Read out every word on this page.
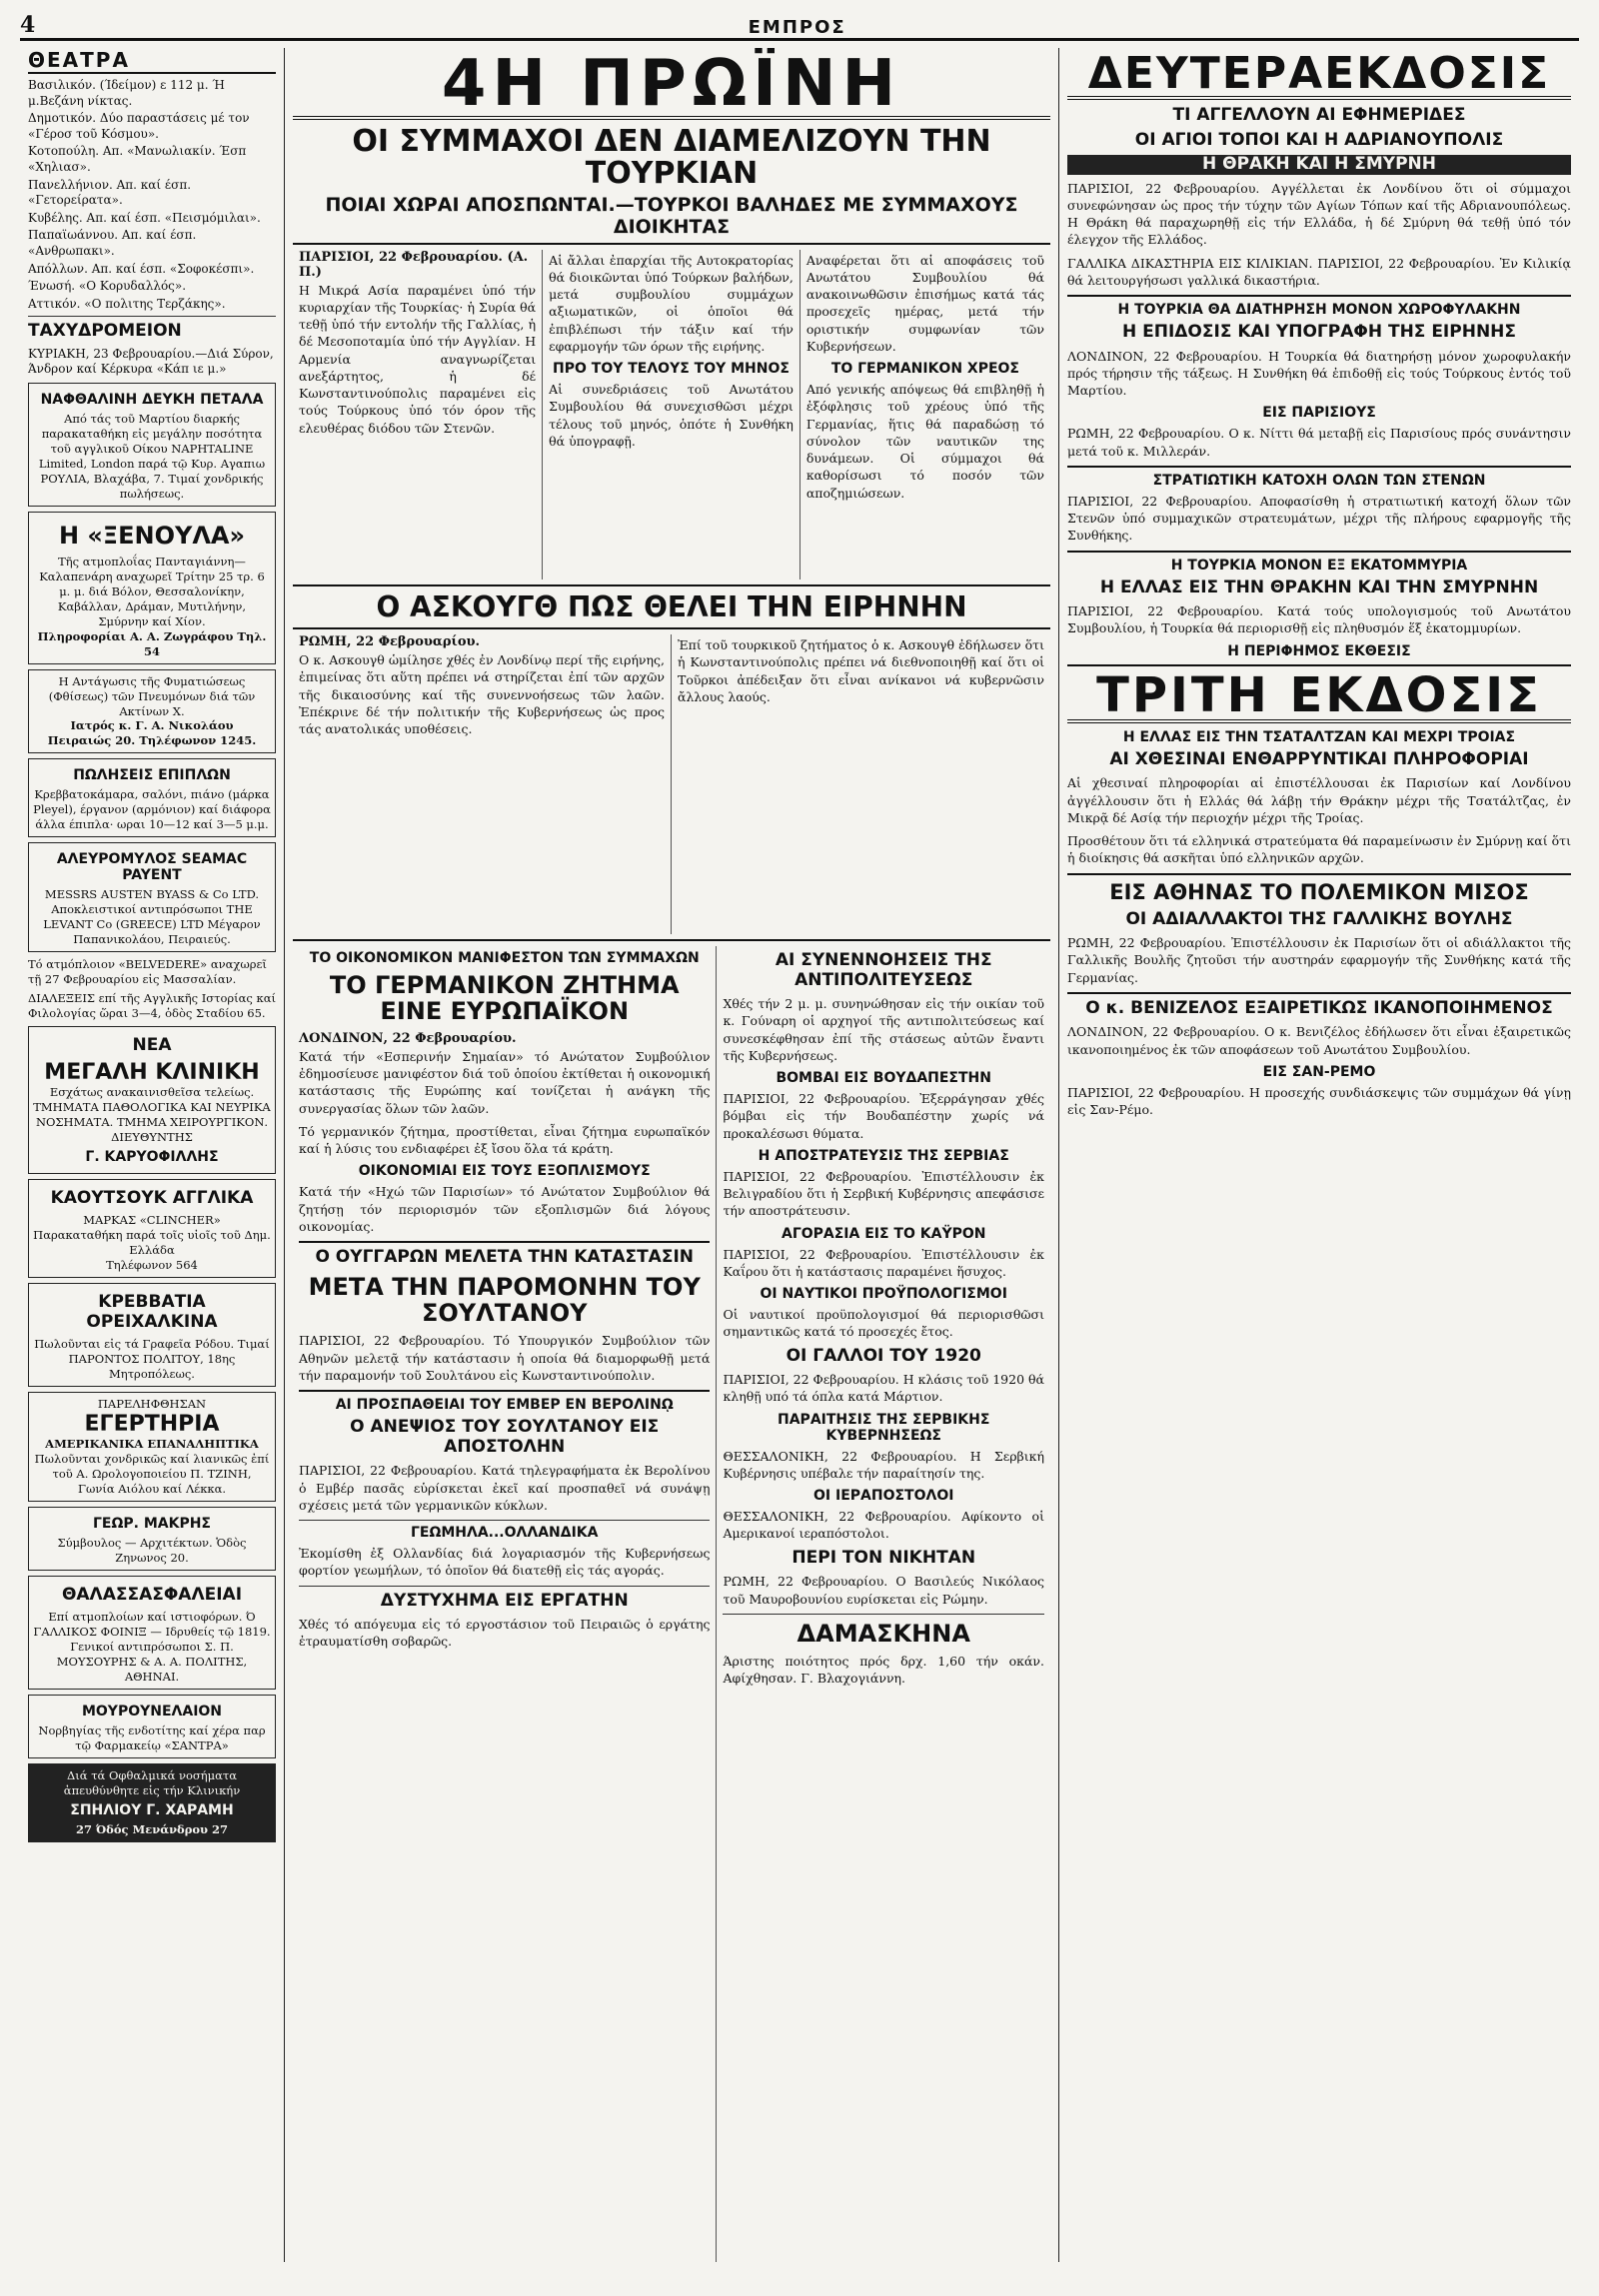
4	ΕΜΠΡΟΣ
ΘΕΑΤΡΑ
Βασιλικόν. (Ίδείμον) ε 112 μ. Ή μ.Βεζάνη νίκτας.
Δημοτικόν. Δύο παραστάσεις μέ τον «Γέροσ τοῦ Κόσμου».
Κοτοπούλη. Απ. «Μανωλιακίν. Έσπ «Χηλιασ».
Πανελλήνιον. Απ. καί έσπ. «Γετορείρατα».
Κυβέλης. Απ. καί έσπ. «Πεισμόμιλαι».
Παπαϊωάννου. Απ. καί έσπ. «Ανθρωπακι».
Απόλλων. Απ. καί έσπ. «Σοφοκέσπι».
Ένωσή. «Ο Κορυδαλλός».
Αττικόν. «Ο πολιτης Τερζάκης».
ΤΑΧΥΔΡΟΜΕΙΟΝ
ΚΥΡΙΑΚΗ, 23 Φεβρουαρίου.—Διά Σύρον, Άνδρον καί Κέρκυρα «Κάπ ιε μ.»
ΝΑΦΘΑΛΙΝΗ ΔΕΥΚΗ ΠΕΤΑΛΑ
Από τάς τοῦ Μαρτίου διαρκής παρακαταθήκη εἰς μεγάλην ποσότητα τοῦ αγγλικοῦ Οίκου NAPHTALINE Limited, London παρά τῷ Κυρ. Αγαπιω ΡΟΥΛΙΑ, Βλαχάβα, 7. Τιμαί χονδρικής πωλήσεως.
Η «ΞΕΝΟΥΛΑ»
Τῆς ατμοπλοΐας Πανταγιάννη—Καλαπενάρη αναχωρεῖ Τρίτην 25 τρ. 6 μ. μ. διά Βόλον, Θεσσαλονίκην, Καβάλλαν, Δράμαν, Μυτιλήνην, Σμύρνην καί Χίον.
Πληροφορίαι Α. Α. Ζωγράφου Τηλ. 54
Η Αντάγωσις τῆς Φυματιώσεως (Φθίσεως) τῶν Πνευμόνων διά τῶν Ακτίνων Χ.
Ιατρός κ. Γ. Α. Νικολάου
Πειραιώς 20. Τηλέφωνον 1245.
ΠΩΛΗΣΕΙΣ ΕΠΙΠΛΩΝ
Κρεββατοκάμαρα, σαλόνι, πιάνο (μάρκα Pleyel), έργανον (αρμόνιον) καί διάφορα άλλα έπιπλα· ωραι 10—12 καί 3—5 μ.μ.
ΑΛΕΥΡΟΜΥΛΟΣ SEAMAC PAYENT
MESSRS AUSTEN BYASS & Co LTD. Αποκλειστικοί αντιπρόσωποι THE LEVANT Co (GREECE) LTD Μέγαρον Παπανικολάου, Πειραιεύς.
Τό ατμόπλοιον «BELVEDERE» αναχωρεῖ τῇ 27 Φεβρουαρίου εἰς Μασσαλίαν.
ΔΙΑΛΕΞΕΙΣ επί τῆς Αγγλικῆς Ιστορίας καί Φιλολογίας ὥραι 3—4, ὁδὸς Σταδίου 65.
ΝΕΑ
ΜΕΓΑΛΗ ΚΛΙΝΙΚΗ
Εσχάτως ανακαινισθεῖσα τελείως. ΤΜΗΜΑΤΑ ΠΑΘΟΛΟΓΙΚΑ ΚΑΙ ΝΕΥΡΙΚΑ ΝΟΣΗΜΑΤΑ. ΤΜΗΜΑ ΧΕΙΡΟΥΡΓΙΚΟΝ.
ΔΙΕΥΘΥΝΤΗΣ
Γ. ΚΑΡΥΟΦΙΛΛΗΣ
ΚΑΟΥΤΣΟΥΚ ΑΓΓΛΙΚΑ
ΜΑΡΚΑΣ «CLINCHER»
Παρακαταθήκη παρά τοῖς υἱοῖς τοῦ Δημ. Ελλάδα
Τηλέφωνον 564
ΚΡΕΒΒΑΤΙΑ ΟΡΕΙΧΑΛΚΙΝΑ
Πωλοῦνται εἰς τά Γραφεῖα Ρόδου. Τιμαί ΠΑΡΟΝΤΟΣ ΠΟΛΙΤΟΥ, 18ης Μητροπόλεως.
ΠΑΡΕΛΗΦΘΗΣΑΝ
ΕΓΕΡΤΗΡΙΑ
ΑΜΕΡΙΚΑΝΙΚΑ ΕΠΑΝΑΛΗΠΤΙΚΑ
Πωλοῦνται χονδρικῶς καί λιανικῶς ἐπί τοῦ Α. Ωρολογοποιείου Π. ΤΖΙΝΗ, Γωνία Αιόλου καί Λέκκα.
ΓΕΩΡ. ΜΑΚΡΗΣ
Σύμβουλος — Αρχιτέκτων. Ὁδὸς Ζηνωνος 20.
ΘΑΛΑΣΣΑΣΦΑΛΕΙΑΙ
Επί ατμοπλοίων καί ιστιοφόρων. Ό ΓΑΛΛΙΚΟΣ ΦΟΙΝΙΞ — Ιδρυθείς τῷ 1819. Γενικοί αντιπρόσωποι Σ. Π. ΜΟΥΣΟΥΡΗΣ & Α. Α. ΠΟΛΙΤΗΣ, ΑΘΗΝΑΙ.
ΜΟΥΡΟΥΝΕΛΑΙΟΝ
Νορβηγίας τῆς ενδοτίτης καί χέρα παρ τῷ Φαρμακείῳ «ΣΑΝΤΡΑ»
Διά τά Οφθαλμικά νοσήματα
ἀπευθύνθητε εἰς τήν Κλινικήν
ΣΠΗΛΙΟΥ Γ. ΧΑΡΑΜΗ
27 Όδός Μενάνδρου 27
4Η ΠΡΩΪΝΗ
ΟΙ ΣΥΜΜΑΧΟΙ ΔΕΝ ΔΙΑΜΕΛΙΖΟΥΝ ΤΗΝ ΤΟΥΡΚΙΑΝ
ΠΟΙΑΙ ΧΩΡΑΙ ΑΠΟΣΠΩΝΤΑΙ.—ΤΟΥΡΚΟΙ ΒΑΛΗΔΕΣ ΜΕ ΣΥΜΜΑΧΟΥΣ ΔΙΟΙΚΗΤΑΣ
ΠΑΡΙΣΙΟΙ, 22 Φεβρουαρίου. (Α. Π.)
Η Μικρά Ασία παραμένει ὑπό τήν κυριαρχίαν τῆς Τουρκίας· ἡ Συρία θά τεθῇ ὑπό τήν εντολήν τῆς Γαλλίας, ἡ δέ Μεσοποταμία ὑπό τήν Αγγλίαν. Η Αρμενία αναγνωρίζεται ανεξάρτητος, ἡ δέ Κωνσταντινούπολις παραμένει εἰς τούς Τούρκους ὑπό τόν όρον τῆς ελευθέρας διόδου τῶν Στενῶν.
Αἱ ἄλλαι ἐπαρχίαι τῆς Αυτοκρατορίας θά διοικῶνται ὑπό Τούρκων βαλήδων, μετά συμβουλίου συμμάχων αξιωματικῶν, οἱ ὁποῖοι θά ἐπιβλέπωσι τήν τάξιν καί τήν εφαρμογήν τῶν όρων τῆς ειρήνης.
ΠΡΟ ΤΟΥ ΤΕΛΟΥΣ ΤΟΥ ΜΗΝΟΣ
Αἱ συνεδριάσεις τοῦ Ανωτάτου Συμβουλίου θά συνεχισθῶσι μέχρι τέλους τοῦ μηνός, ὁπότε ἡ Συνθήκη θά ὑπογραφῇ.
Αναφέρεται ὅτι αἱ αποφάσεις τοῦ Ανωτάτου Συμβουλίου θά ανακοινωθῶσιν ἐπισήμως κατά τάς προσεχεῖς ημέρας, μετά τήν οριστικήν συμφωνίαν τῶν Κυβερνήσεων.
ΤΟ ΓΕΡΜΑΝΙΚΟΝ ΧΡΕΟΣ
Από γενικής απόψεως θά επιβληθῇ ἡ ἐξόφλησις τοῦ χρέους ὑπό τῆς Γερμανίας, ἥτις θά παραδώσῃ τό σύνολον τῶν ναυτικῶν της δυνάμεων. Οἱ σύμμαχοι θά καθορίσωσι τό ποσόν τῶν αποζημιώσεων.
Ο ΑΣΚΟΥΓΘ ΠΩΣ ΘΕΛΕΙ ΤΗΝ ΕΙΡΗΝΗΝ
ΡΩΜΗ, 22 Φεβρουαρίου.
Ο κ. Ασκουγθ ὡμίλησε χθές ἐν Λονδίνῳ περί τῆς ειρήνης, ἐπιμείνας ὅτι αὕτη πρέπει νά στηρίζεται ἐπί τῶν αρχῶν τῆς δικαιοσύνης καί τῆς συνεννοήσεως τῶν λαῶν. Ἐπέκρινε δέ τήν πολιτικήν τῆς Κυβερνήσεως ὡς προς τάς ανατολικάς υποθέσεις.
Ἐπί τοῦ τουρκικοῦ ζητήματος ὁ κ. Ασκουγθ ἐδήλωσεν ὅτι ἡ Κωνσταντινούπολις πρέπει νά διεθνοποιηθῇ καί ὅτι οἱ Τοῦρκοι ἀπέδειξαν ὅτι εἶναι ανίκανοι νά κυβερνῶσιν ἄλλους λαούς.
ΤΟ ΟΙΚΟΝΟΜΙΚΟΝ ΜΑΝΙΦΕΣΤΟΝ ΤΩΝ ΣΥΜΜΑΧΩΝ
ΤΟ ΓΕΡΜΑΝΙΚΟΝ ΖΗΤΗΜΑ ΕΙΝΕ ΕΥΡΩΠΑΪΚΟΝ
ΛΟΝΔΙΝΟΝ, 22 Φεβρουαρίου.
Κατά τήν «Εσπερινήν Σημαίαν» τό Ανώτατον Συμβούλιον ἐδημοσίευσε μανιφέστον διά τοῦ ὁποίου ἐκτίθεται ἡ οικονομική κατάστασις τῆς Ευρώπης καί τονίζεται ἡ ανάγκη τῆς συνεργασίας ὅλων τῶν λαῶν.
Τό γερμανικόν ζήτημα, προστίθεται, εἶναι ζήτημα ευρωπαϊκόν καί ἡ λύσις του ενδιαφέρει ἐξ ἴσου ὅλα τά κράτη.
ΟΙΚΟΝΟΜΙΑΙ ΕΙΣ ΤΟΥΣ ΕΞΟΠΛΙΣΜΟΥΣ
Κατά τήν «Ηχώ τῶν Παρισίων» τό Ανώτατον Συμβούλιον θά ζητήσῃ τόν περιορισμόν τῶν εξοπλισμῶν διά λόγους οικονομίας.
Ο ΟΥΓΓΑΡΩΝ ΜΕΛΕΤΑ ΤΗΝ ΚΑΤΑΣΤΑΣΙΝ
ΜΕΤΑ ΤΗΝ ΠΑΡΟΜΟΝΗΝ ΤΟΥ ΣΟΥΛΤΑΝΟΥ
ΠΑΡΙΣΙΟΙ, 22 Φεβρουαρίου. Τό Υπουργικόν Συμβούλιον τῶν Αθηνῶν μελετᾷ τήν κατάστασιν ἡ οποία θά διαμορφωθῇ μετά τήν παραμονήν τοῦ Σουλτάνου εἰς Κωνσταντινούπολιν.
ΑΙ ΠΡΟΣΠΑΘΕΙΑΙ ΤΟΥ ΕΜΒΕΡ ΕΝ ΒΕΡΟΛΙΝῼ
Ο ΑΝΕΨΙΟΣ ΤΟΥ ΣΟΥΛΤΑΝΟΥ ΕΙΣ ΑΠΟΣΤΟΛΗΝ
ΠΑΡΙΣΙΟΙ, 22 Φεβρουαρίου. Κατά τηλεγραφήματα ἐκ Βερολίνου ὁ Εμβέρ πασᾶς εὑρίσκεται ἐκεῖ καί προσπαθεῖ νά συνάψῃ σχέσεις μετά τῶν γερμανικῶν κύκλων.
ΓΕΩΜΗΛΑ...ΟΛΛΑΝΔΙΚΑ
Ἐκομίσθη ἐξ Ολλανδίας διά λογαριασμόν τῆς Κυβερνήσεως φορτίον γεωμήλων, τό ὁποῖον θά διατεθῇ εἰς τάς αγοράς.
ΔΥΣΤΥΧΗΜΑ ΕΙΣ ΕΡΓΑΤΗΝ
Χθές τό απόγευμα εἰς τό εργοστάσιον τοῦ Πειραιῶς ὁ εργάτης ἐτραυματίσθη σοβαρῶς.
ΑΙ ΣΥΝΕΝΝΟΗΣΕΙΣ ΤΗΣ ΑΝΤΙΠΟΛΙΤΕΥΣΕΩΣ
Χθές τήν 2 μ. μ. συνηνώθησαν εἰς τήν οικίαν τοῦ κ. Γούναρη οἱ αρχηγοί τῆς αντιπολιτεύσεως καί συνεσκέφθησαν ἐπί τῆς στάσεως αὐτῶν ἔναντι τῆς Κυβερνήσεως.
ΒΟΜΒΑΙ ΕΙΣ ΒΟΥΔΑΠΕΣΤΗΝ
ΠΑΡΙΣΙΟΙ, 22 Φεβρουαρίου. Ἐξερράγησαν χθές βόμβαι εἰς τήν Βουδαπέστην χωρίς νά προκαλέσωσι θύματα.
Η ΑΠΟΣΤΡΑΤΕΥΣΙΣ ΤΗΣ ΣΕΡΒΙΑΣ
ΠΑΡΙΣΙΟΙ, 22 Φεβρουαρίου. Ἐπιστέλλουσιν ἐκ Βελιγραδίου ὅτι ἡ Σερβική Κυβέρνησις απεφάσισε τήν αποστράτευσιν.
ΑΓΟΡΑΣΙΑ ΕΙΣ ΤΟ ΚΑΫΡΟΝ
ΠΑΡΙΣΙΟΙ, 22 Φεβρουαρίου. Ἐπιστέλλουσιν ἐκ Καΐρου ὅτι ἡ κατάστασις παραμένει ἥσυχος.
ΟΙ ΝΑΥΤΙΚΟΙ ΠΡΟΫΠΟΛΟΓΙΣΜΟΙ
Οἱ ναυτικοί προϋπολογισμοί θά περιορισθῶσι σημαντικῶς κατά τό προσεχές ἔτος.
ΟΙ ΓΑΛΛΟΙ ΤΟΥ 1920
ΠΑΡΙΣΙΟΙ, 22 Φεβρουαρίου. Η κλάσις τοῦ 1920 θά κληθῇ υπό τά όπλα κατά Μάρτιον.
ΠΑΡΑΙΤΗΣΙΣ ΤΗΣ ΣΕΡΒΙΚΗΣ ΚΥΒΕΡΝΗΣΕΩΣ
ΘΕΣΣΑΛΟΝΙΚΗ, 22 Φεβρουαρίου. Η Σερβική Κυβέρνησις υπέβαλε τήν παραίτησίν της.
ΟΙ ΙΕΡΑΠΟΣΤΟΛΟΙ
ΘΕΣΣΑΛΟΝΙΚΗ, 22 Φεβρουαρίου. Αφίκοντο οἱ Αμερικανοί ιεραπόστολοι.
ΠΕΡΙ ΤΟΝ ΝΙΚΗΤΑΝ
ΡΩΜΗ, 22 Φεβρουαρίου. Ο Βασιλεύς Νικόλαος τοῦ Μαυροβουνίου ευρίσκεται εἰς Ρώμην.
ΔΑΜΑΣΚΗΝΑ
Άριστης ποιότητος πρός δρχ. 1,60 τήν οκάν. Αφίχθησαν. Γ. Βλαχογιάννη.
ΔΕΥΤΕΡΑΕΚΔΟΣΙΣ
ΤΙ ΑΓΓΕΛΛΟΥΝ ΑΙ ΕΦΗΜΕΡΙΔΕΣ
ΟΙ ΑΓΙΟΙ ΤΟΠΟΙ ΚΑΙ Η ΑΔΡΙΑΝΟΥΠΟΛΙΣ
Η ΘΡΑΚΗ ΚΑΙ Η ΣΜΥΡΝΗ
ΠΑΡΙΣΙΟΙ, 22 Φεβρουαρίου. Αγγέλλεται ἐκ Λονδίνου ὅτι οἱ σύμμαχοι συνεφώνησαν ὡς προς τήν τύχην τῶν Αγίων Τόπων καί τῆς Αδριανουπόλεως. Η Θράκη θά παραχωρηθῇ εἰς τήν Ελλάδα, ἡ δέ Σμύρνη θά τεθῇ ὑπό τόν έλεγχον τῆς Ελλάδος.
ΓΑΛΛΙΚΑ ΔΙΚΑΣΤΗΡΙΑ ΕΙΣ ΚΙΛΙΚΙΑΝ. ΠΑΡΙΣΙΟΙ, 22 Φεβρουαρίου. Ἐν Κιλικίᾳ θά λειτουργήσωσι γαλλικά δικαστήρια.
Η ΤΟΥΡΚΙΑ ΘΑ ΔΙΑΤΗΡΗΣΗ ΜΟΝΟΝ ΧΩΡΟΦΥΛΑΚΗΝ
Η ΕΠΙΔΟΣΙΣ ΚΑΙ ΥΠΟΓΡΑΦΗ ΤΗΣ ΕΙΡΗΝΗΣ
ΛΟΝΔΙΝΟΝ, 22 Φεβρουαρίου. Η Τουρκία θά διατηρήσῃ μόνον χωροφυλακήν πρός τήρησιν τῆς τάξεως. Η Συνθήκη θά ἐπιδοθῇ εἰς τούς Τούρκους ἐντός τοῦ Μαρτίου.
ΕΙΣ ΠΑΡΙΣΙΟΥΣ
ΡΩΜΗ, 22 Φεβρουαρίου. Ο κ. Νίττι θά μεταβῇ εἰς Παρισίους πρός συνάντησιν μετά τοῦ κ. Μιλλεράν.
ΣΤΡΑΤΙΩΤΙΚΗ ΚΑΤΟΧΗ ΟΛΩΝ ΤΩΝ ΣΤΕΝΩΝ
ΠΑΡΙΣΙΟΙ, 22 Φεβρουαρίου. Αποφασίσθη ἡ στρατιωτική κατοχή ὅλων τῶν Στενῶν ὑπό συμμαχικῶν στρατευμάτων, μέχρι τῆς πλήρους εφαρμογῆς τῆς Συνθήκης.
Η ΤΟΥΡΚΙΑ ΜΟΝΟΝ ΕΞ ΕΚΑΤΟΜΜΥΡΙΑ
Η ΕΛΛΑΣ ΕΙΣ ΤΗΝ ΘΡΑΚΗΝ ΚΑΙ ΤΗΝ ΣΜΥΡΝΗΝ
ΠΑΡΙΣΙΟΙ, 22 Φεβρουαρίου. Κατά τούς υπολογισμούς τοῦ Ανωτάτου Συμβουλίου, ἡ Τουρκία θά περιορισθῇ εἰς πληθυσμόν ἕξ ἑκατομμυρίων.
Η ΠΕΡΙΦΗΜΟΣ ΕΚΘΕΣΙΣ
ΤΡΙΤΗ ΕΚΔΟΣΙΣ
Η ΕΛΛΑΣ ΕΙΣ ΤΗΝ ΤΣΑΤΑΛΤΖΑΝ ΚΑΙ ΜΕΧΡΙ ΤΡΟΙΑΣ
ΑΙ ΧΘΕΣΙΝΑΙ ΕΝΘΑΡΡΥΝΤΙΚΑΙ ΠΛΗΡΟΦΟΡΙΑΙ
Αἱ χθεσιναί πληροφορίαι αἱ ἐπιστέλλουσαι ἐκ Παρισίων καί Λονδίνου ἀγγέλλουσιν ὅτι ἡ Ελλάς θά λάβῃ τήν Θράκην μέχρι τῆς Τσατάλτζας, ἐν Μικρᾷ δέ Ασίᾳ τήν περιοχήν μέχρι τῆς Τροίας.
Προσθέτουν ὅτι τά ελληνικά στρατεύματα θά παραμείνωσιν ἐν Σμύρνῃ καί ὅτι ἡ διοίκησις θά ασκῆται ὑπό ελληνικῶν αρχῶν.
ΕΙΣ ΑΘΗΝΑΣ ΤΟ ΠΟΛΕΜΙΚΟΝ ΜΙΣΟΣ
ΟΙ ΑΔΙΑΛΛΑΚΤΟΙ ΤΗΣ ΓΑΛΛΙΚΗΣ ΒΟΥΛΗΣ
ΡΩΜΗ, 22 Φεβρουαρίου. Ἐπιστέλλουσιν ἐκ Παρισίων ὅτι οἱ αδιάλλακτοι τῆς Γαλλικῆς Βουλῆς ζητοῦσι τήν αυστηράν εφαρμογήν τῆς Συνθήκης κατά τῆς Γερμανίας.
Ο κ. ΒΕΝΙΖΕΛΟΣ ΕΞΑΙΡΕΤΙΚΩΣ ΙΚΑΝΟΠΟΙΗΜΕΝΟΣ
ΛΟΝΔΙΝΟΝ, 22 Φεβρουαρίου. Ο κ. Βενιζέλος ἐδήλωσεν ὅτι εἶναι ἐξαιρετικῶς ικανοποιημένος ἐκ τῶν αποφάσεων τοῦ Ανωτάτου Συμβουλίου.
ΕΙΣ ΣΑΝ-ΡΕΜΟ
ΠΑΡΙΣΙΟΙ, 22 Φεβρουαρίου. Η προσεχής συνδιάσκεψις τῶν συμμάχων θά γίνῃ εἰς Σαν-Ρέμο.
